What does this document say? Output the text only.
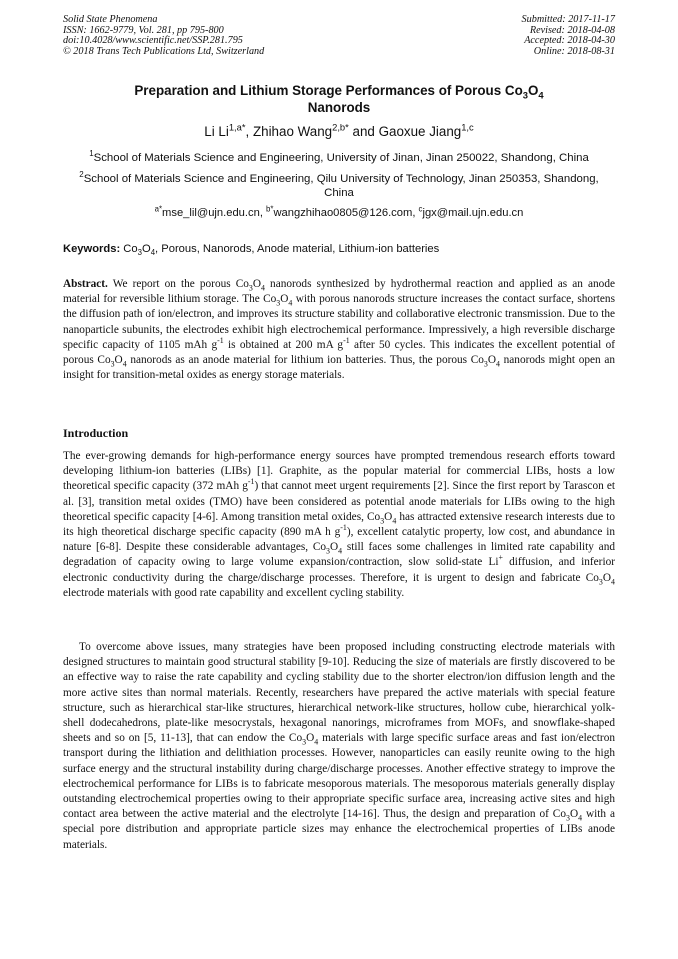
Solid State Phenomena
ISSN: 1662-9779, Vol. 281, pp 795-800
doi:10.4028/www.scientific.net/SSP.281.795
© 2018 Trans Tech Publications Ltd, Switzerland
Submitted: 2017-11-17
Revised: 2018-04-08
Accepted: 2018-04-30
Online: 2018-08-31
Preparation and Lithium Storage Performances of Porous $Co_3O_4$
Nanorods
Li $Li^{1,a*}$, Zhihao Wang$^{2,b*}$ and Gaoxue Jiang$^{1,c}$
$^1$School of Materials Science and Engineering, University of Jinan, Jinan 250022, Shandong, China
$^2$School of Materials Science and Engineering, Qilu University of Technology, Jinan 250353, Shandong, China
$^{a*}$mse_lil@ujn.edu.cn, $^{b*}$wangzhihao0805@126.com, $^c$jgx@mail.ujn.edu.cn
Keywords: $Co_3O_4$, Porous, Nanorods, Anode material, Lithium-ion batteries
Abstract. We report on the porous $Co_3O_4$ nanorods synthesized by hydrothermal reaction and applied as an anode material for reversible lithium storage. The $Co_3O_4$ with porous nanorods structure increases the contact surface, shortens the diffusion path of ion/electron, and improves its structure stability and collaborative electronic transmission. Due to the nanoparticle subunits, the electrodes exhibit high electrochemical performance. Impressively, a high reversible discharge specific capacity of 1105 mAh $g^{-1}$ is obtained at 200 mA $g^{-1}$ after 50 cycles. This indicates the excellent potential of porous $Co_3O_4$ nanorods as an anode material for lithium ion batteries. Thus, the porous $Co_3O_4$ nanorods might open an insight for transition-metal oxides as energy storage materials.
Introduction
The ever-growing demands for high-performance energy sources have prompted tremendous research efforts toward developing lithium-ion batteries (LIBs) [1]. Graphite, as the popular material for commercial LIBs, hosts a low theoretical specific capacity (372 mAh $g^{-1}$) that cannot meet urgent requirements [2]. Since the first report by Tarascon et al. [3], transition metal oxides (TMO) have been considered as potential anode materials for LIBs owing to the high theoretical specific capacity [4-6]. Among transition metal oxides, $Co_3O_4$ has attracted extensive research interests due to its high theoretical discharge specific capacity (890 mA h $g^{-1}$), excellent catalytic property, low cost, and abundance in nature [6-8]. Despite these considerable advantages, $Co_3O_4$ still faces some challenges in limited rate capability and degradation of capacity owing to large volume expansion/contraction, slow solid-state Li+ diffusion, and inferior electronic conductivity during the charge/discharge processes. Therefore, it is urgent to design and fabricate $Co_3O_4$ electrode materials with good rate capability and excellent cycling stability.
To overcome above issues, many strategies have been proposed including constructing electrode materials with designed structures to maintain good structural stability [9-10]. Reducing the size of materials are firstly discovered to be an effective way to raise the rate capability and cycling stability due to the shorter electron/ion diffusion length and the more active sites than normal materials. Recently, researchers have prepared the active materials with special feature structure, such as hierarchical star-like structures, hierarchical network-like structures, hollow cube, hierarchical yolk-shell dodecahedrons, plate-like mesocrystals, hexagonal nanorings, microframes from MOFs, and snowflake-shaped sheets and so on [5, 11-13], that can endow the $Co_3O_4$ materials with large specific surface areas and fast ion/electron transport during the lithiation and delithiation processes. However, nanoparticles can easily reunite owing to the high surface energy and the structural instability during charge/discharge processes. Another effective strategy to improve the electrochemical performance for LIBs is to fabricate mesoporous materials. The mesoporous materials generally display outstanding electrochemical properties owing to their appropriate specific surface area, increasing active sites and high contact area between the active material and the electrolyte [14-16]. Thus, the design and preparation of $Co_3O_4$ with a special pore distribution and appropriate particle sizes may enhance the electrochemical properties of LIBs anode materials.
